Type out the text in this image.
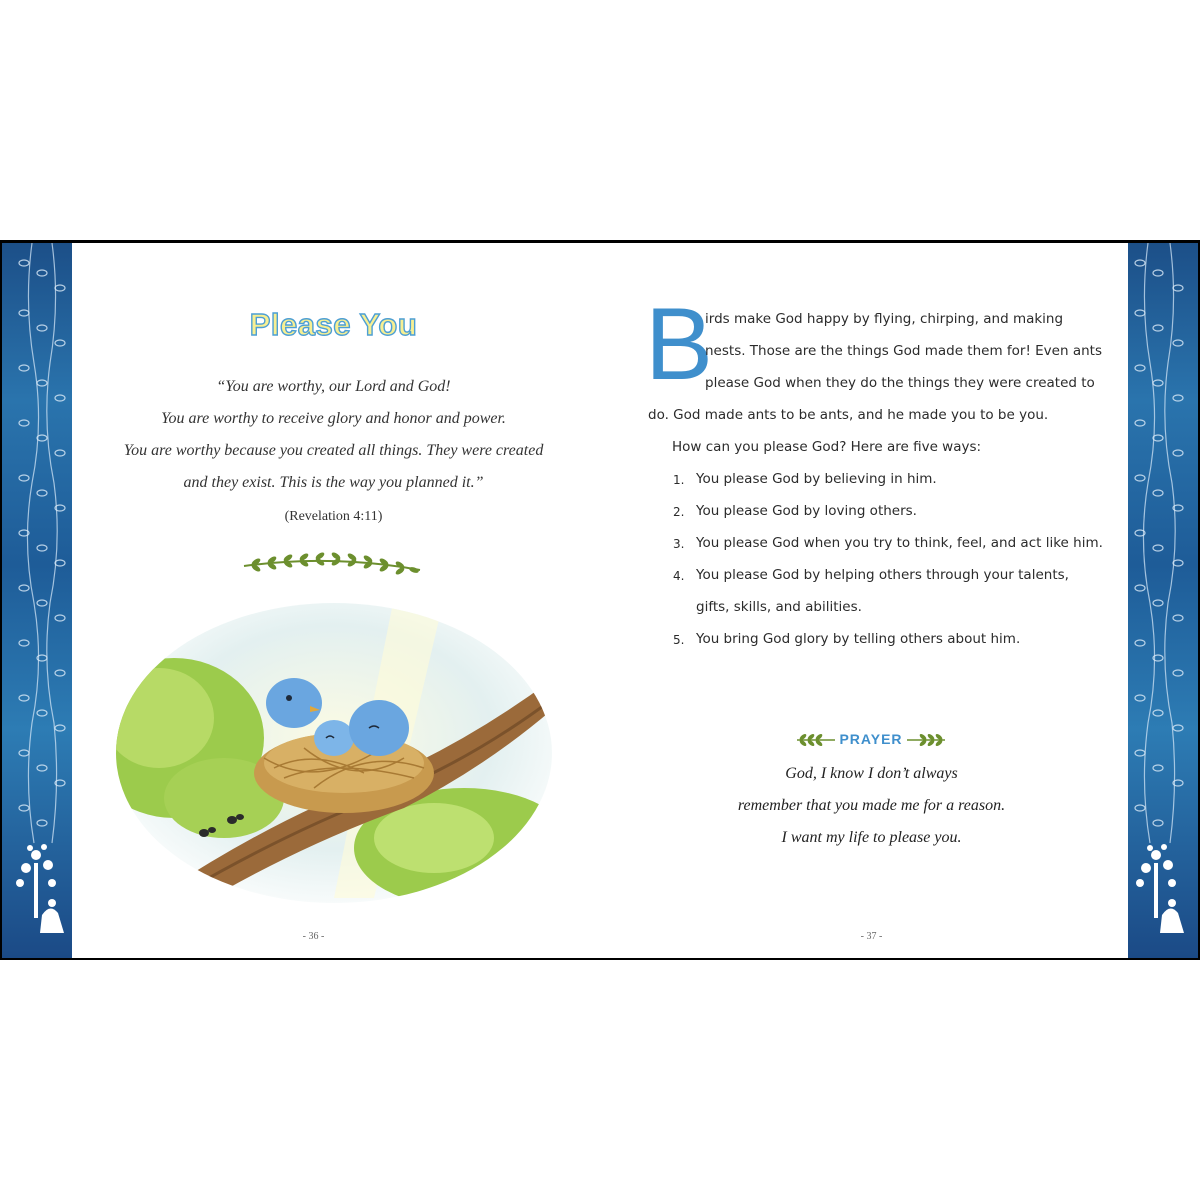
Please You
“You are worthy, our Lord and God!
You are worthy to receive glory and honor and power.
You are worthy because you created all things. They were created
and they exist. This is the way you planned it.”
(Revelation 4:11)
- 36 -
B
irds make God happy by flying, chirping, and making
nests. Those are the things God made them for! Even ants
please God when they do the things they were created to
do. God made ants to be ants, and he made you to be you.
How can you please God? Here are five ways:
1. You please God by believing in him.
2. You please God by loving others.
3. You please God when you try to think, feel, and act like him.
4. You please God by helping others through your talents,
gifts, skills, and abilities.
5. You bring God glory by telling others about him.
PRAYER
God, I know I don’t always
remember that you made me for a reason.
I want my life to please you.
- 37 -
